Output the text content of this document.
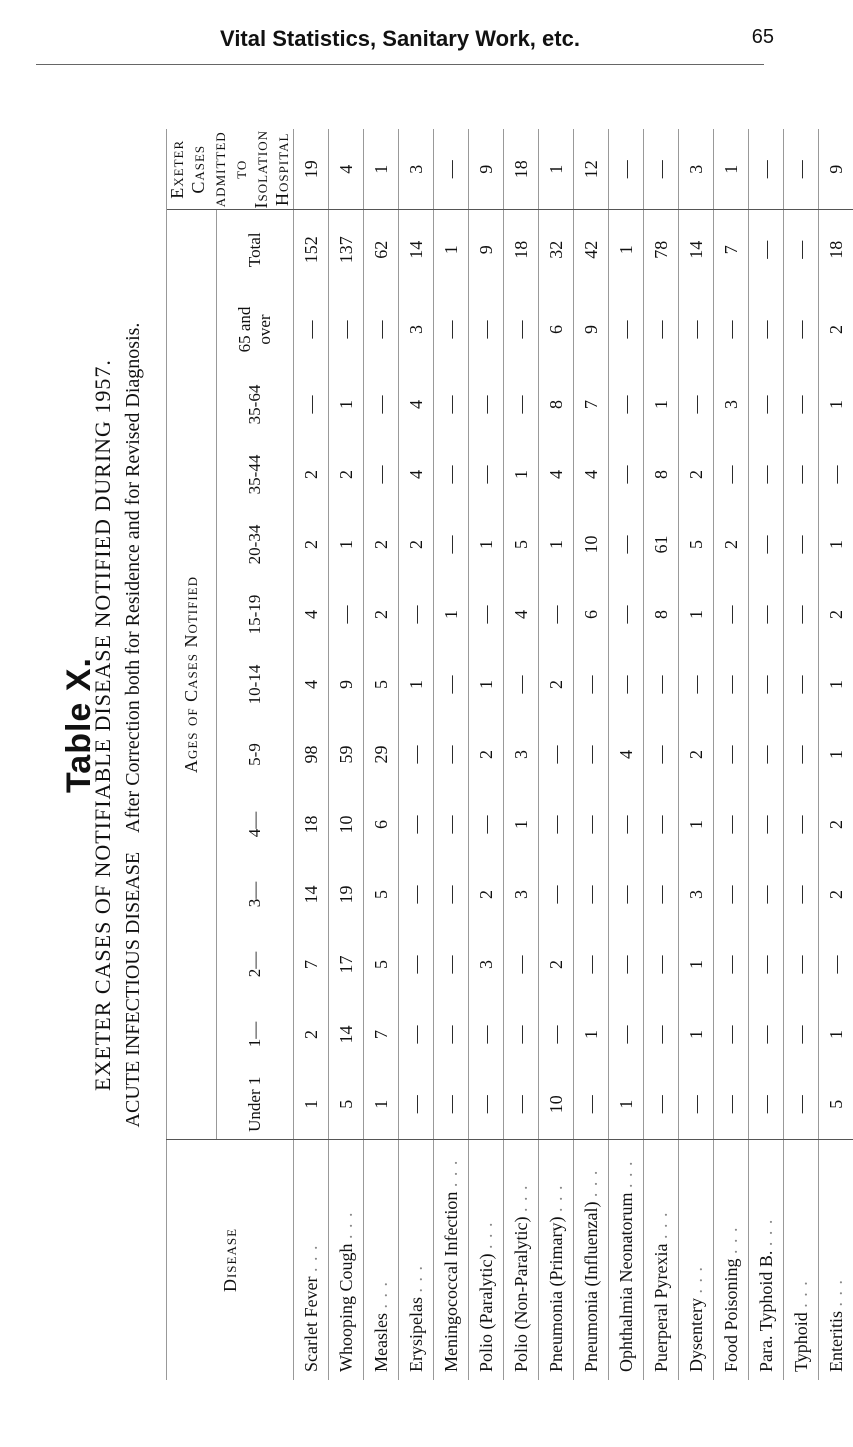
Vital Statistics, Sanitary Work, etc.	65
Table X.
EXETER CASES OF NOTIFIABLE DISEASE NOTIFIED DURING 1957. ACUTE INFECTIOUS DISEASE    After Correction both for Residence and for Revised Diagnosis.
Disease	Ages of Cases Notified													Exeter Cases admitted to Isolation Hospital
	Under 1	1—	2—	3—	4—	5-9	10-14	15-19	20-34	35-44	35-64	65 and over	Total	
Scarlet Fever . . .	1	2	7	14	18	98	4	4	2	2	—	—	152	19
Whooping Cough . . .	5	14	17	19	10	59	9	—	1	2	1	—	137	4
Measles . . .	1	7	5	5	6	29	5	2	2	—	—	—	62	1
Erysipelas . . .	—	—	—	—	—	—	1	—	2	4	4	3	14	3
Meningococcal Infection . . .	—	—	—	—	—	—	—	1	—	—	—	—	1	—
Polio (Paralytic) . . .	—	—	3	2	—	2	1	—	1	—	—	—	9	9
Polio (Non-Paralytic) . . .	—	—	—	3	1	3	—	4	5	1	—	—	18	18
Pneumonia (Primary) . . .	10	—	2	—	—	—	2	—	1	4	8	6	32	1
Pneumonia (Influenzal) . . .	—	1	—	—	—	—	—	6	10	4	7	9	42	12
Ophthalmia Neonatorum . . .	1	—	—	—	—	4	—	—	—	—	—	—	1	—
Puerperal Pyrexia . . .	—	—	—	—	—	—	—	8	61	8	1	—	78	—
Dysentery . . .	—	1	1	3	1	2	—	1	5	2	—	—	14	3
Food Poisoning . . .	—	—	—	—	—	—	—	—	2	—	3	—	7	1
Para. Typhoid B. . . .	—	—	—	—	—	—	—	—	—	—	—	—	—	—
Typhoid . . .	—	—	—	—	—	—	—	—	—	—	—	—	—	—
Enteritis . . .	5	1	—	2	2	1	1	2	1	—	1	2	18	9
